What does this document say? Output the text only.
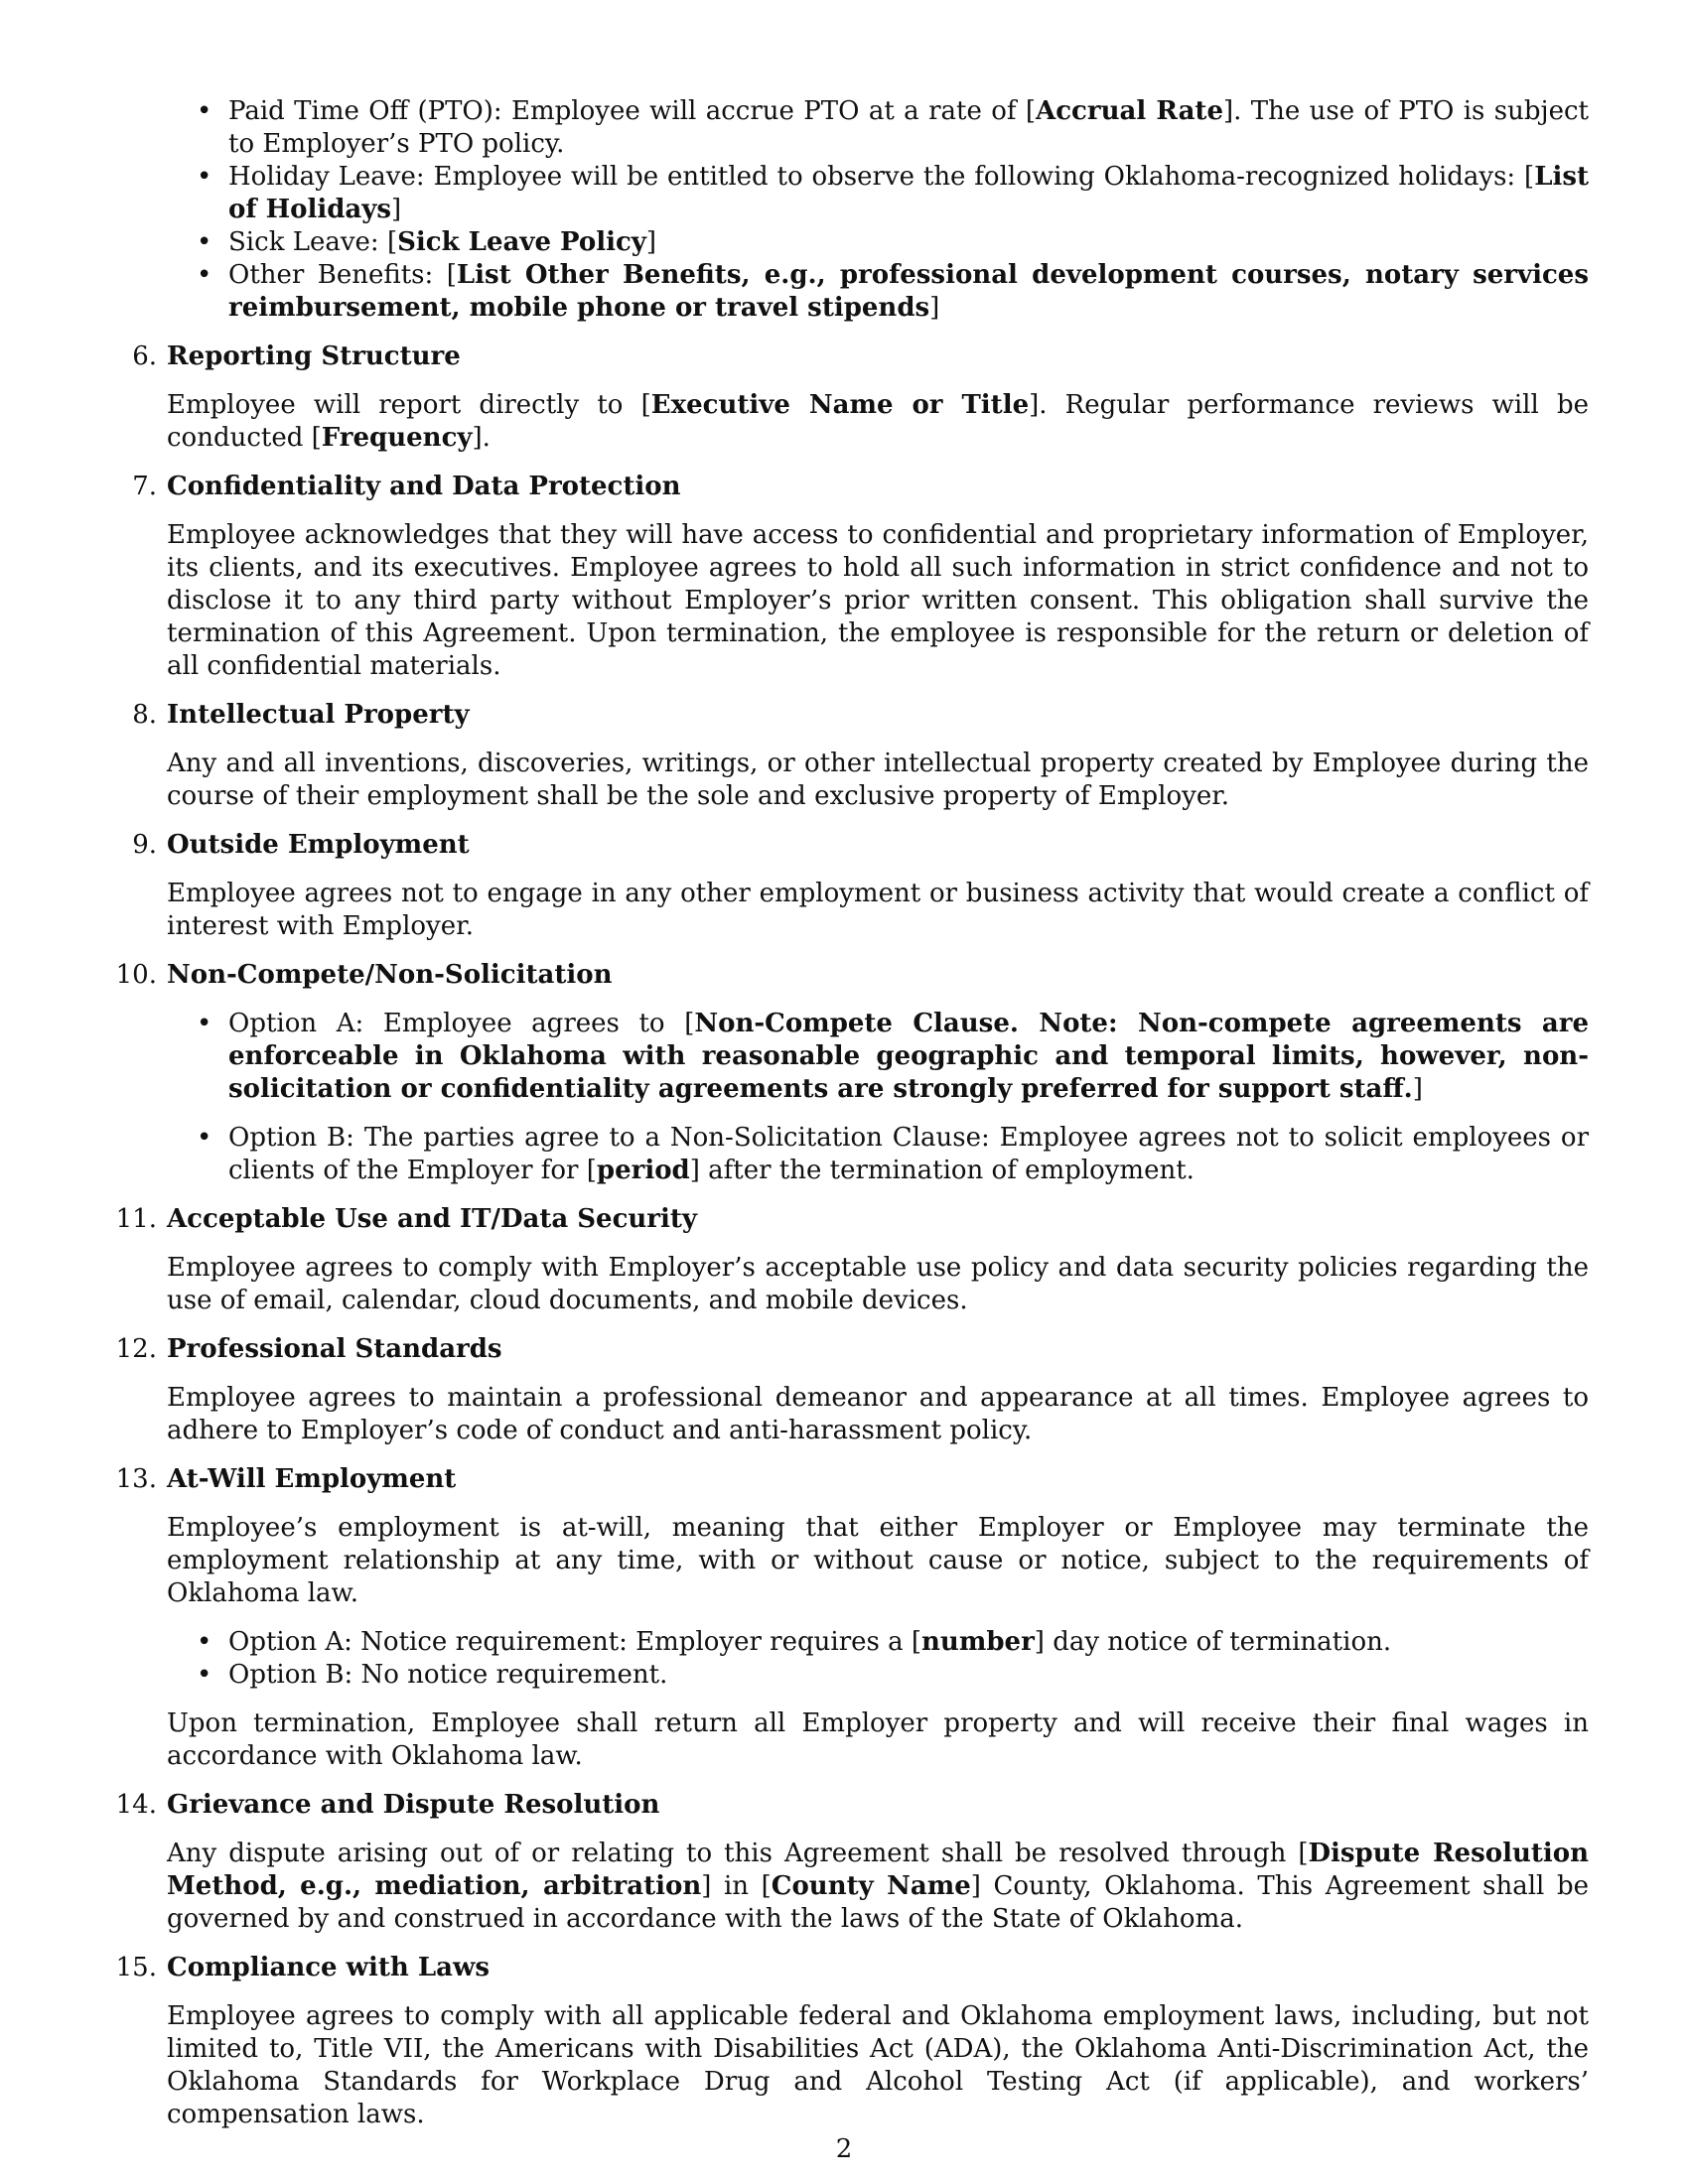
• Paid Time Off (PTO): Employee will accrue PTO at a rate of [Accrual Rate]. The use of PTO is subject to Employer’s PTO policy.
• Holiday Leave: Employee will be entitled to observe the following Oklahoma-recognized holidays: [List of Holidays]
• Sick Leave: [Sick Leave Policy]
• Other Benefits: [List Other Benefits, e.g., professional development courses, notary services reimbursement, mobile phone or travel stipends]
6. Reporting Structure
Employee will report directly to [Executive Name or Title]. Regular performance reviews will be conducted [Frequency].
7. Confidentiality and Data Protection
Employee acknowledges that they will have access to confidential and proprietary information of Employer, its clients, and its executives. Employee agrees to hold all such information in strict confidence and not to disclose it to any third party without Employer’s prior written consent. This obligation shall survive the termination of this Agreement. Upon termination, the employee is responsible for the return or deletion of all confidential materials.
8. Intellectual Property
Any and all inventions, discoveries, writings, or other intellectual property created by Employee during the course of their employment shall be the sole and exclusive property of Employer.
9. Outside Employment
Employee agrees not to engage in any other employment or business activity that would create a conflict of interest with Employer.
10. Non-Compete/Non-Solicitation
• Option A: Employee agrees to [Non-Compete Clause. Note: Non-compete agreements are enforceable in Oklahoma with reasonable geographic and temporal limits, however, non-solicitation or confidentiality agreements are strongly preferred for support staff.]
• Option B: The parties agree to a Non-Solicitation Clause: Employee agrees not to solicit employees or clients of the Employer for [period] after the termination of employment.
11. Acceptable Use and IT/Data Security
Employee agrees to comply with Employer’s acceptable use policy and data security policies regarding the use of email, calendar, cloud documents, and mobile devices.
12. Professional Standards
Employee agrees to maintain a professional demeanor and appearance at all times. Employee agrees to adhere to Employer’s code of conduct and anti-harassment policy.
13. At-Will Employment
Employee’s employment is at-will, meaning that either Employer or Employee may terminate the employment relationship at any time, with or without cause or notice, subject to the requirements of Oklahoma law.
• Option A: Notice requirement: Employer requires a [number] day notice of termination.
• Option B: No notice requirement.
Upon termination, Employee shall return all Employer property and will receive their final wages in accordance with Oklahoma law.
14. Grievance and Dispute Resolution
Any dispute arising out of or relating to this Agreement shall be resolved through [Dispute Resolution Method, e.g., mediation, arbitration] in [County Name] County, Oklahoma. This Agreement shall be governed by and construed in accordance with the laws of the State of Oklahoma.
15. Compliance with Laws
Employee agrees to comply with all applicable federal and Oklahoma employment laws, including, but not limited to, Title VII, the Americans with Disabilities Act (ADA), the Oklahoma Anti-Discrimination Act, the Oklahoma Standards for Workplace Drug and Alcohol Testing Act (if applicable), and workers’ compensation laws.
2
